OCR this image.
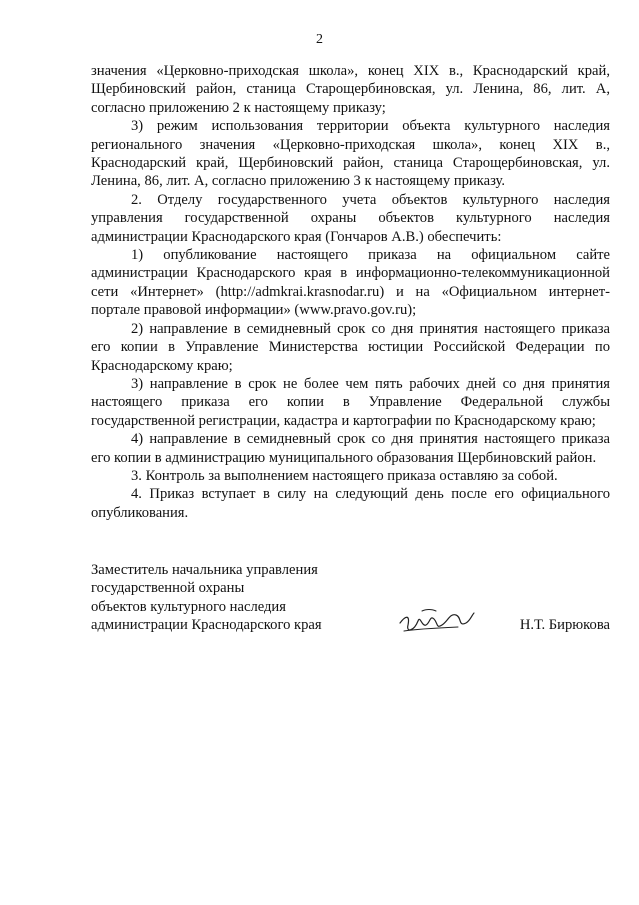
2

значения «Церковно-приходская школа», конец XIX в., Краснодарский край, Щербиновский район, станица Старощербиновская, ул. Ленина, 86, лит. А, согласно приложению 2 к настоящему приказу;

3) режим использования территории объекта культурного наследия регионального значения «Церковно-приходская школа», конец XIX в., Краснодарский край, Щербиновский район, станица Старощербиновская, ул. Ленина, 86, лит. А, согласно приложению 3 к настоящему приказу.

2. Отделу государственного учета объектов культурного наследия управления государственной охраны объектов культурного наследия администрации Краснодарского края (Гончаров А.В.) обеспечить:

1) опубликование настоящего приказа на официальном сайте администрации Краснодарского края в информационно-телекоммуникационной сети «Интернет» (http://admkrai.krasnodar.ru) и на «Официальном интернет-портале правовой информации» (www.pravo.gov.ru);

2) направление в семидневный срок со дня принятия настоящего приказа его копии в Управление Министерства юстиции Российской Федерации по Краснодарскому краю;

3) направление в срок не более чем пять рабочих дней со дня принятия настоящего приказа его копии в Управление Федеральной службы государственной регистрации, кадастра и картографии по Краснодарскому краю;

4) направление в семидневный срок со дня принятия настоящего приказа его копии в администрацию муниципального образования Щербиновский район.

3. Контроль за выполнением настоящего приказа оставляю за собой.

4. Приказ вступает в силу на следующий день после его официального опубликования.

Заместитель начальника управления
государственной охраны
объектов культурного наследия
администрации Краснодарского края	Н.Т. Бирюкова
